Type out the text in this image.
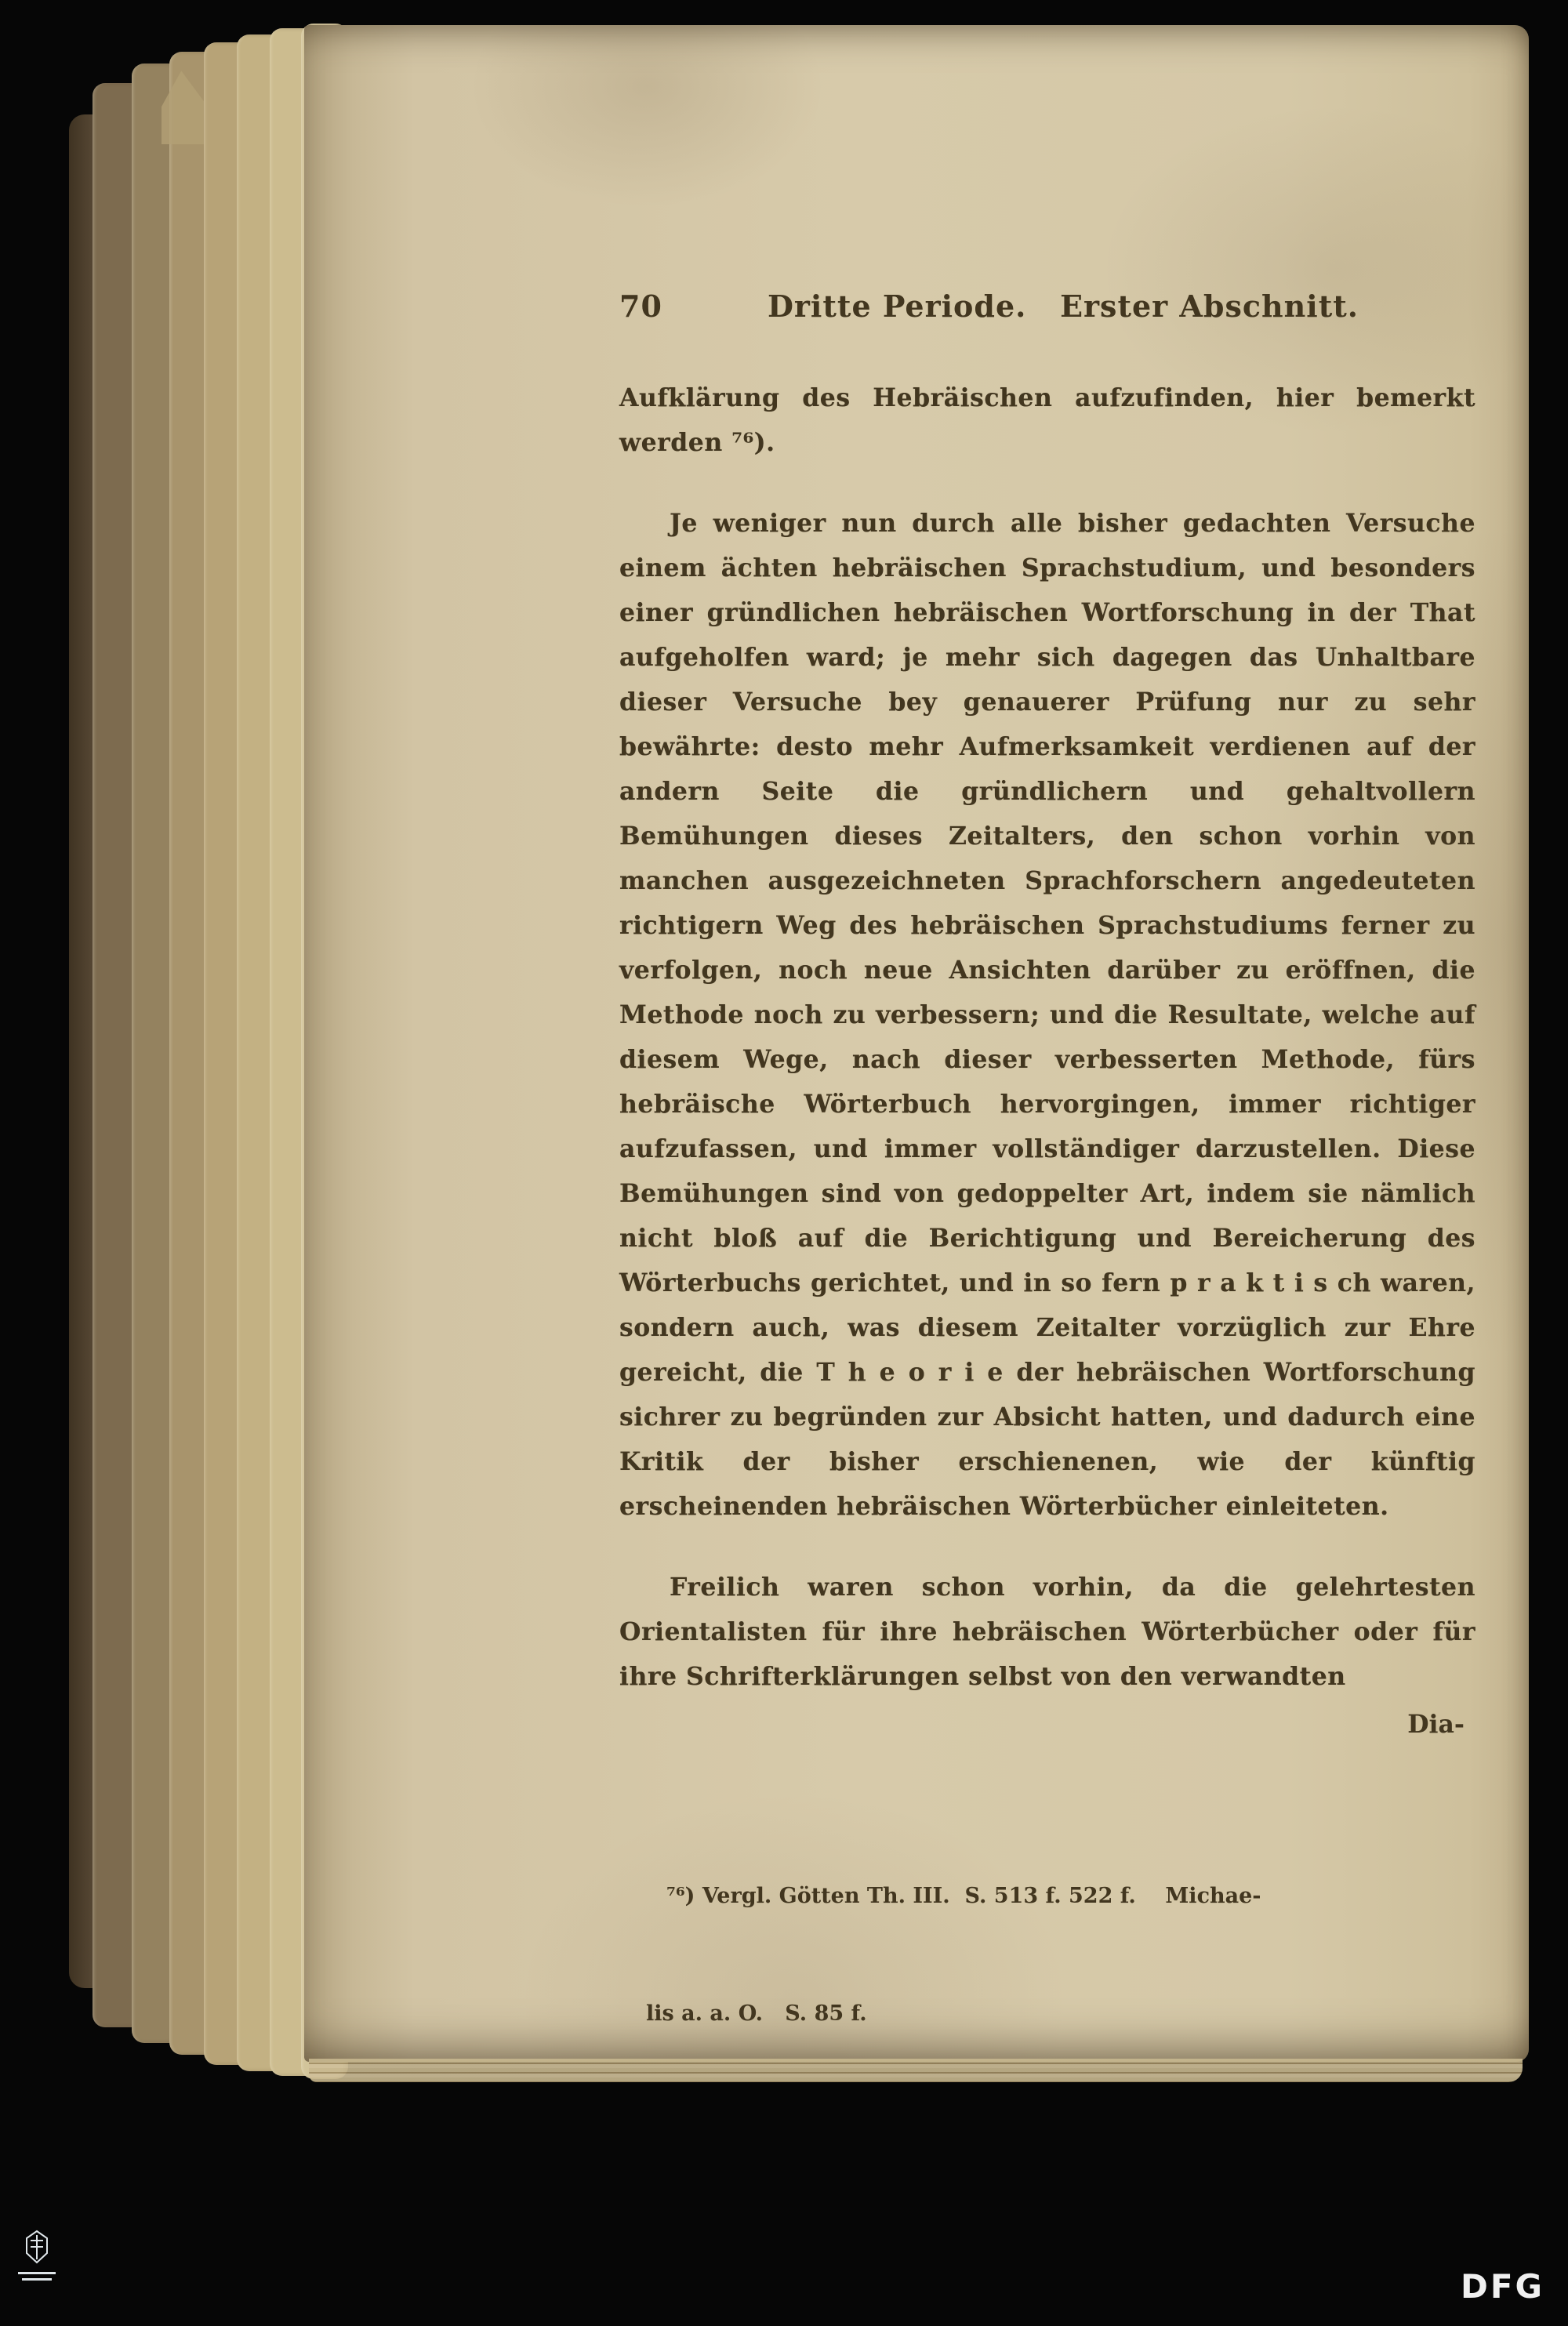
70	Dritte Periode.   Erster Abschnitt.

Aufklärung des Hebräischen aufzufinden, hier bemerkt werden ⁷⁶).

Je weniger nun durch alle bisher gedachten Versuche einem ächten hebräischen Sprachstudium, und besonders einer gründlichen hebräischen Wortforschung in der That aufgeholfen ward; je mehr sich dagegen das Unhaltbare dieser Versuche bey genauerer Prüfung nur zu sehr bewährte: desto mehr Aufmerksamkeit verdienen auf der andern Seite die gründlichern und gehaltvollern Bemühungen dieses Zeitalters, den schon vorhin von manchen ausgezeichneten Sprachforschern angedeuteten richtigern Weg des hebräischen Sprachstudiums ferner zu verfolgen, noch neue Ansichten darüber zu eröffnen, die Methode noch zu verbessern; und die Resultate, welche auf diesem Wege, nach dieser verbesserten Methode, fürs hebräische Wörterbuch hervorgingen, immer richtiger aufzufassen, und immer vollständiger darzustellen. Diese Bemühungen sind von gedoppelter Art, indem sie nämlich nicht bloß auf die Berichtigung und Bereicherung des Wörterbuchs gerichtet, und in so fern p r a k t i s ch waren, sondern auch, was diesem Zeitalter vorzüglich zur Ehre gereicht, die T h e o r i e der hebräischen Wortforschung sichrer zu begründen zur Absicht hatten, und dadurch eine Kritik der bisher erschienenen, wie der künftig erscheinenden hebräischen Wörterbücher einleiteten.

Freilich waren schon vorhin, da die gelehrtesten Orientalisten für ihre hebräischen Wörterbücher oder für ihre Schrifterklärungen selbst von den verwandten

Dia-

⁷⁶) Vergl. Götten Th. III.  S. 513 f. 522 f.    Michae-

lis a. a. O.   S. 85 f.

DFG
